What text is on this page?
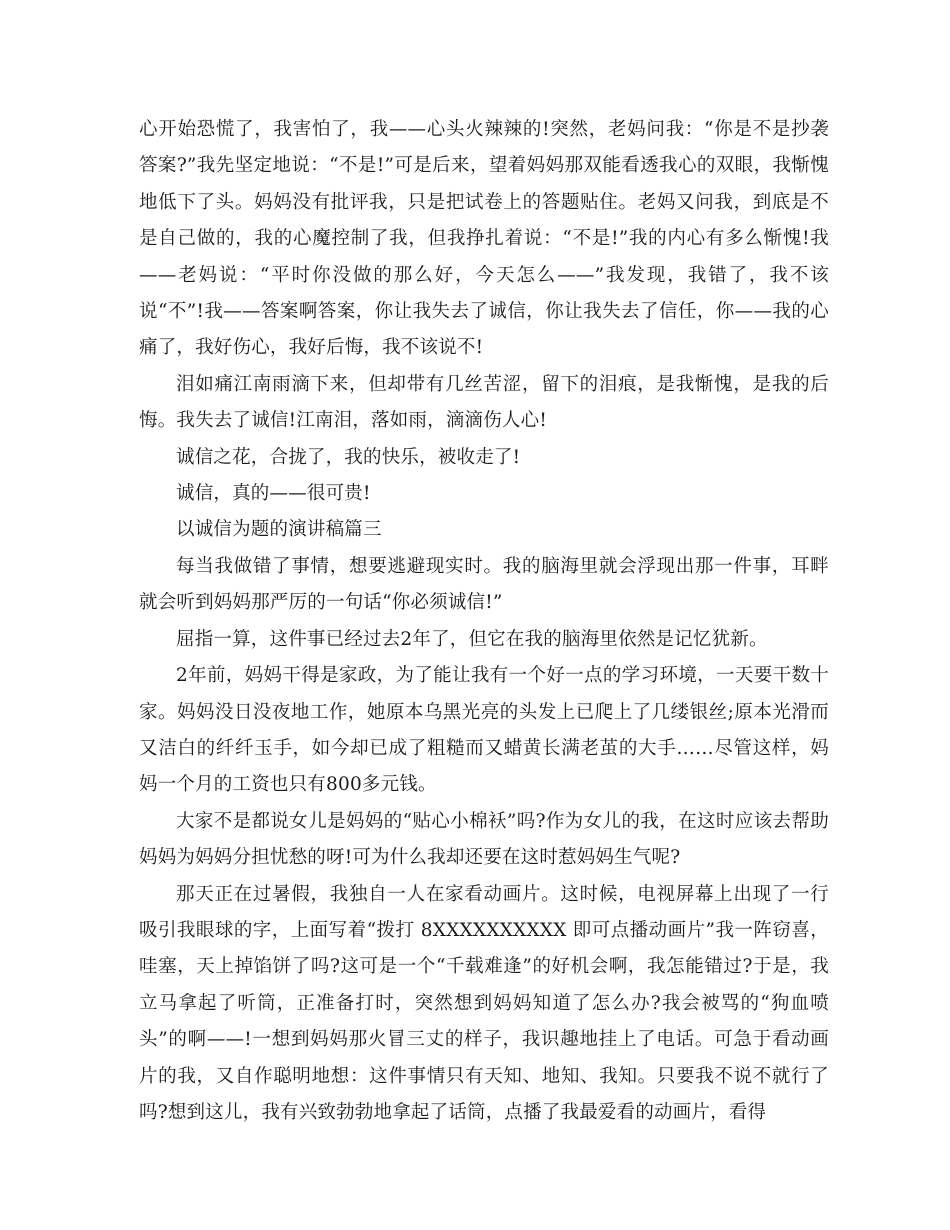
心开始恐慌了，我害怕了，我——心头火辣辣的!突然，老妈问我：“你是不是抄袭答案?”我先坚定地说：“不是!”可是后来，望着妈妈那双能看透我心的双眼，我惭愧地低下了头。妈妈没有批评我，只是把试卷上的答题贴住。老妈又问我，到底是不是自己做的，我的心魔控制了我，但我挣扎着说：“不是!”我的内心有多么惭愧!我——老妈说：“平时你没做的那么好，今天怎么——”我发现，我错了，我不该说“不”!我——答案啊答案，你让我失去了诚信，你让我失去了信任，你——我的心痛了，我好伤心，我好后悔，我不该说不!

泪如痛江南雨滴下来，但却带有几丝苦涩，留下的泪痕，是我惭愧，是我的后悔。我失去了诚信!江南泪，落如雨，滴滴伤人心!

诚信之花，合拢了，我的快乐，被收走了!

诚信，真的——很可贵!

以诚信为题的演讲稿篇三

每当我做错了事情，想要逃避现实时。我的脑海里就会浮现出那一件事，耳畔就会听到妈妈那严厉的一句话“你必须诚信!”

屈指一算，这件事已经过去2年了，但它在我的脑海里依然是记忆犹新。

2年前，妈妈干得是家政，为了能让我有一个好一点的学习环境，一天要干数十家。妈妈没日没夜地工作，她原本乌黑光亮的头发上已爬上了几缕银丝;原本光滑而又洁白的纤纤玉手，如今却已成了粗糙而又蜡黄长满老茧的大手……尽管这样，妈妈一个月的工资也只有800多元钱。

大家不是都说女儿是妈妈的“贴心小棉袄”吗?作为女儿的我，在这时应该去帮助妈妈为妈妈分担忧愁的呀!可为什么我却还要在这时惹妈妈生气呢?

那天正在过暑假，我独自一人在家看动画片。这时候，电视屏幕上出现了一行吸引我眼球的字，上面写着“拨打 8XXXXXXXXXX 即可点播动画片”我一阵窃喜，哇塞，天上掉馅饼了吗?这可是一个“千载难逢”的好机会啊，我怎能错过?于是，我立马拿起了听筒，正准备打时，突然想到妈妈知道了怎么办?我会被骂的“狗血喷头”的啊——!一想到妈妈那火冒三丈的样子，我识趣地挂上了电话。可急于看动画片的我，又自作聪明地想：这件事情只有天知、地知、我知。只要我不说不就行了吗?想到这儿，我有兴致勃勃地拿起了话筒，点播了我最爱看的动画片，看得
